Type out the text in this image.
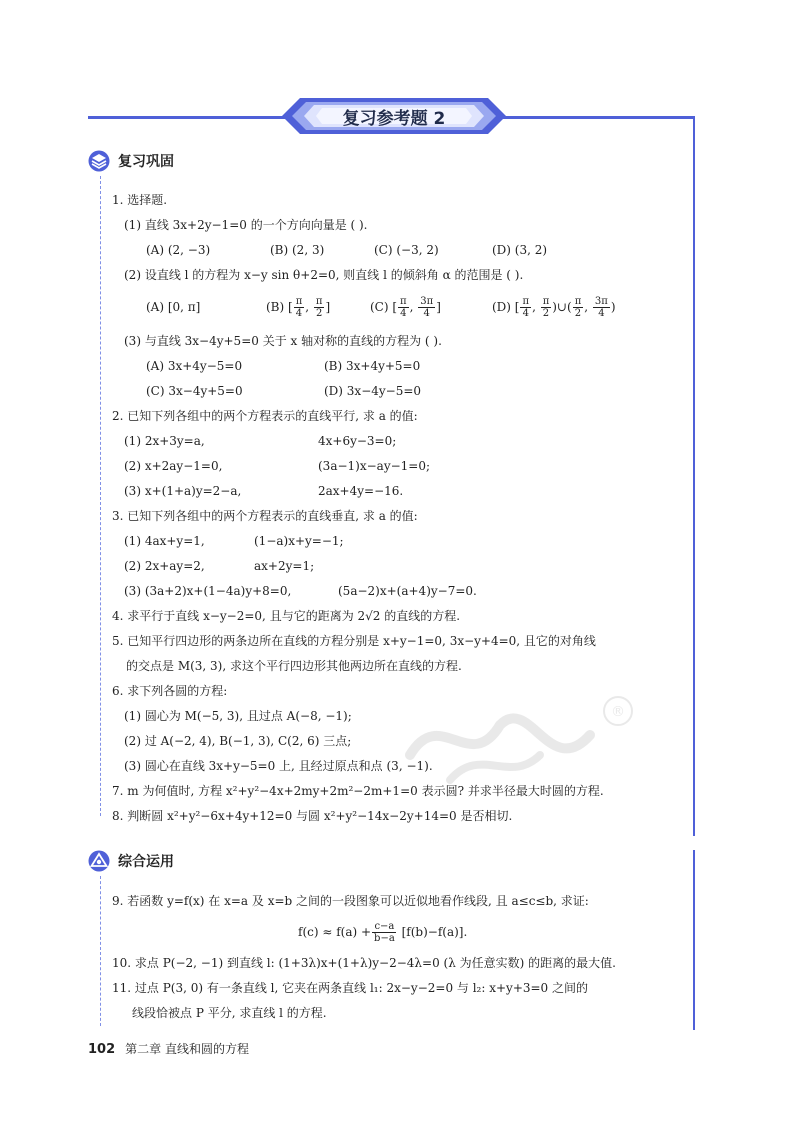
复习参考题 2
复习巩固
1. 选择题.
(1) 直线 3x+2y−1=0 的一个方向向量是 ( ).
(A) (2, −3)	(B) (2, 3)	(C) (−3, 2)	(D) (3, 2)
(2) 设直线 l 的方程为 x−y sin θ+2=0, 则直线 l 的倾斜角 α 的范围是 ( ).
(A) [0, π]	(B) [ $\frac{\pi}{4}$ , $\frac{\pi}{2}$ ]	(C) [ $\frac{\pi}{4}$ , $\frac{3\pi}{4}$ ]	(D) [ $\frac{\pi}{4}$ , $\frac{\pi}{2}$ )∪( $\frac{\pi}{2}$ , $\frac{3\pi}{4}$ )
(3) 与直线 3x−4y+5=0 关于 x 轴对称的直线的方程为 ( ).
(A) 3x+4y−5=0	(B) 3x+4y+5=0
(C) 3x−4y+5=0	(D) 3x−4y−5=0
2. 已知下列各组中的两个方程表示的直线平行, 求 a 的值:
(1) 2x+3y=a,	4x+6y−3=0;
(2) x+2ay−1=0,	(3a−1)x−ay−1=0;
(3) x+(1+a)y=2−a,	2ax+4y=−16.
3. 已知下列各组中的两个方程表示的直线垂直, 求 a 的值:
(1) 4ax+y=1,	(1−a)x+y=−1;
(2) 2x+ay=2,	ax+2y=1;
(3) (3a+2)x+(1−4a)y+8=0,	(5a−2)x+(a+4)y−7=0.
4. 求平行于直线 x−y−2=0, 且与它的距离为 2√2 的直线的方程.
5. 已知平行四边形的两条边所在直线的方程分别是 x+y−1=0, 3x−y+4=0, 且它的对角线
的交点是 M(3, 3), 求这个平行四边形其他两边所在直线的方程.
6. 求下列各圆的方程:
(1) 圆心为 M(−5, 3), 且过点 A(−8, −1);
(2) 过 A(−2, 4), B(−1, 3), C(2, 6) 三点;
(3) 圆心在直线 3x+y−5=0 上, 且经过原点和点 (3, −1).
7. m 为何值时, 方程 x²+y²−4x+2my+2m²−2m+1=0 表示圆? 并求半径最大时圆的方程.
8. 判断圆 x²+y²−6x+4y+12=0 与圆 x²+y²−14x−2y+14=0 是否相切.
®
综合运用
9. 若函数 y=f(x) 在 x=a 及 x=b 之间的一段图象可以近似地看作线段, 且 a≤c≤b, 求证:
$f(c) \approx f(a) + \frac{c-a}{b-a} [f(b)-f(a)]$.
10. 求点 P(−2, −1) 到直线 l: (1+3λ)x+(1+λ)y−2−4λ=0 (λ 为任意实数) 的距离的最大值.
11. 过点 P(3, 0) 有一条直线 l, 它夹在两条直线 l₁: 2x−y−2=0 与 l₂: x+y+3=0 之间的
线段恰被点 P 平分, 求直线 l 的方程.
102 第二章 直线和圆的方程
